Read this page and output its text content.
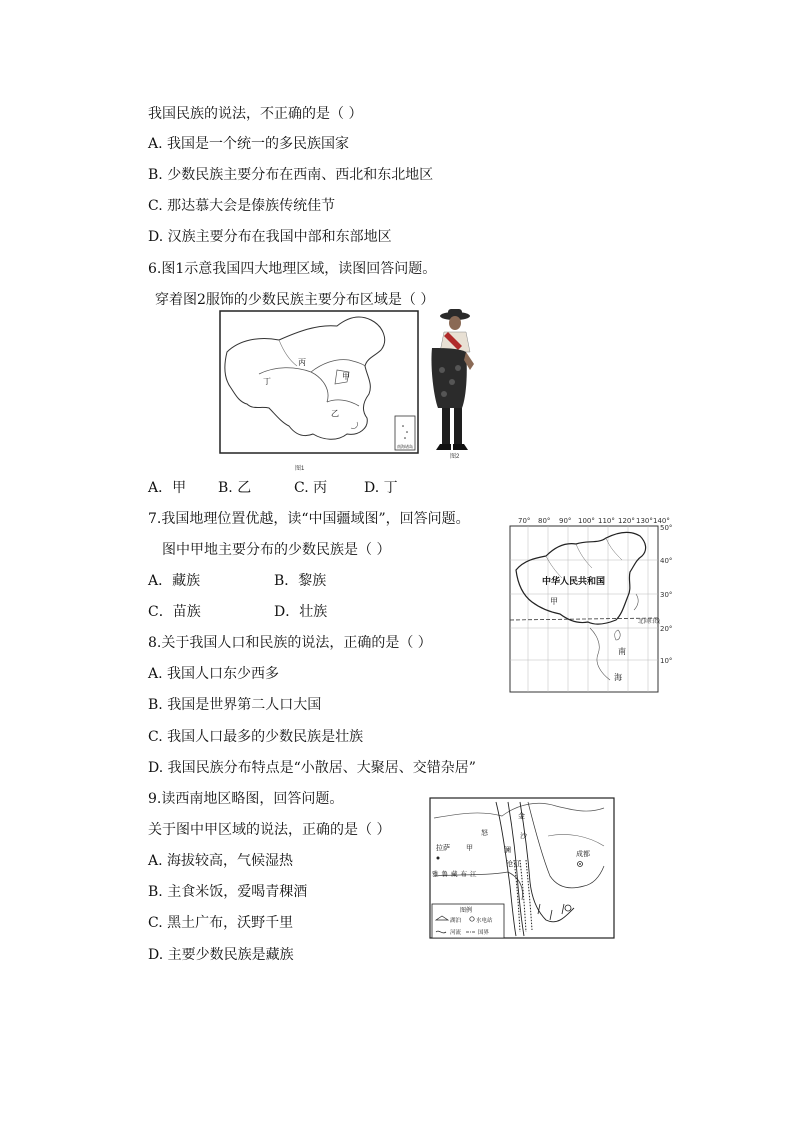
我国民族的说法，不正确的是（ ）
A. 我国是一个统一的多民族国家
B. 少数民族主要分布在西南、西北和东北地区
C. 那达慕大会是傣族传统佳节
D. 汉族主要分布在我国中部和东部地区
6.图1示意我国四大地理区域，读图回答问题。
穿着图2服饰的少数民族主要分布区域是（ ）
丙
甲
丁
乙
南海诸岛
图1
图2
A．甲 B. 乙	C. 丙	D. 丁
7.我国地理位置优越，读“中国疆域图”，回答问题。
图中甲地主要分布的少数民族是（ ）
A．藏族	B．黎族
C．苗族	D．壮族
70° 80° 90° 100° 110° 120° 130° 140°
50°
40°
30°
20°
10°
中华人民共和国
甲
北回归线
南
海
8.关于我国人口和民族的说法，正确的是（ ）
A. 我国人口东少西多
B. 我国是世界第二人口大国
C. 我国人口最多的少数民族是壮族
D. 我国民族分布特点是“小散居、大聚居、交错杂居”
9.读西南地区略图，回答问题。
关于图中甲区域的说法，正确的是（ ）
A. 海拔较高，气候湿热
B. 主食米饭，爱喝青稞酒
C. 黑土广布，沃野千里
D. 主要少数民族是藏族
拉萨 甲
成都
雅鲁藏布江
怒
澜
金
沙
江
沧
图例
湖泊	水电站
河流	国界
